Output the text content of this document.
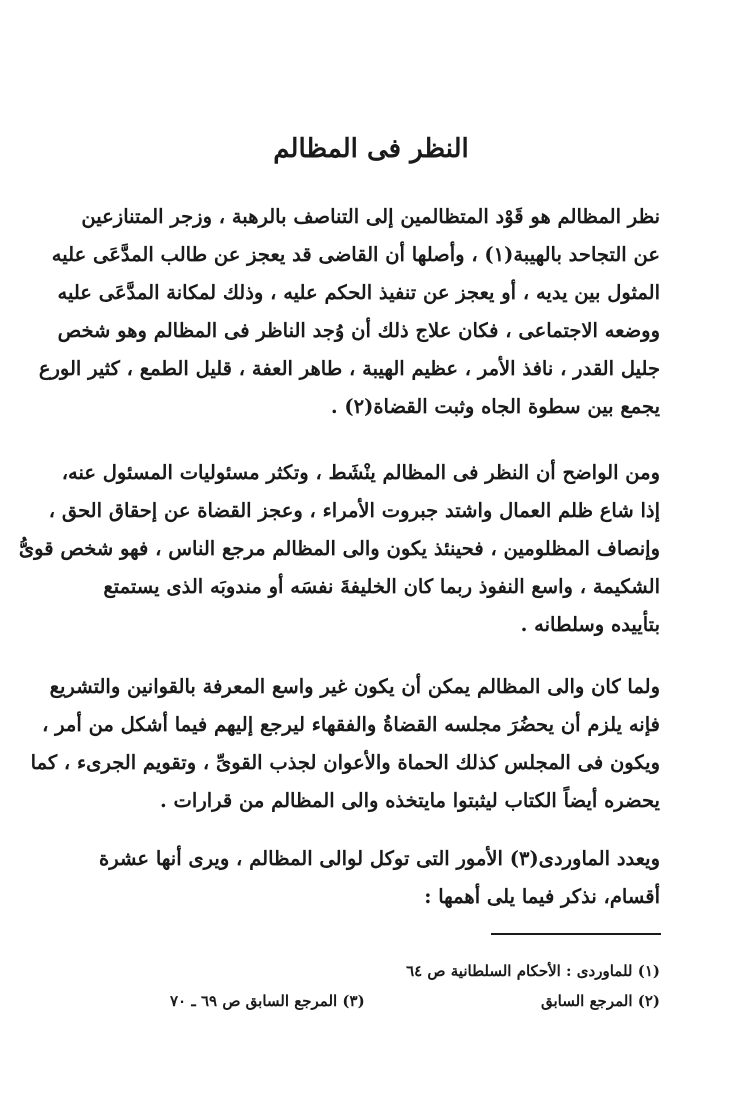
النظر فى المظالم
نظر المظالم هو قَوْد المتظالمين إلى التناصف بالرهبة ، وزجر المتنازعين
عن التجاحد بالهيبة(١) ، وأصلها أن القاضى قد يعجز عن طالب المدَّعَى عليه
المثول بين يديه ، أو يعجز عن تنفيذ الحكم عليه ، وذلك لمكانة المدَّعَى عليه
ووضعه الاجتماعى ، فكان علاج ذلك أن وُجد الناظر فى المظالم وهو شخص
جليل القدر ، نافذ الأمر ، عظيم الهيبة ، طاهر العفة ، قليل الطمع ، كثير الورع
يجمع بين سطوة الجاه وثبت القضاة(٢) .
ومن الواضح أن النظر فى المظالم ينْشَط ، وتكثر مسئوليات المسئول عنه،
إذا شاع ظلم العمال واشتد جبروت الأمراء ، وعجز القضاة عن إحقاق الحق ،
وإنصاف المظلومين ، فحينئذ يكون والى المظالم مرجع الناس ، فهو شخص قوىُّ
الشكيمة ، واسع النفوذ ربما كان الخليفةَ نفسَه أو مندوبَه الذى يستمتع
بتأييده وسلطانه .
ولما كان والى المظالم يمكن أن يكون غير واسع المعرفة بالقوانين والتشريع
فإنه يلزم أن يحضُرَ مجلسه القضاةُ والفقهاء ليرجع إليهم فيما أشكل من أمر ،
ويكون فى المجلس كذلك الحماة والأعوان لجذب القوىِّ ، وتقويم الجرىء ، كما
يحضره أيضاً الكتاب ليثبتوا مايتخذه والى المظالم من قرارات .
ويعدد الماوردى(٣) الأمور التى توكل لوالى المظالم ، ويرى أنها عشرة
أقسام، نذكر فيما يلى أهمها :
(١) للماوردى : الأحكام السلطانية ص ٦٤
(٢) المرجع السابق
(٣) المرجع السابق ص ٦٩ ـ ٧٠
